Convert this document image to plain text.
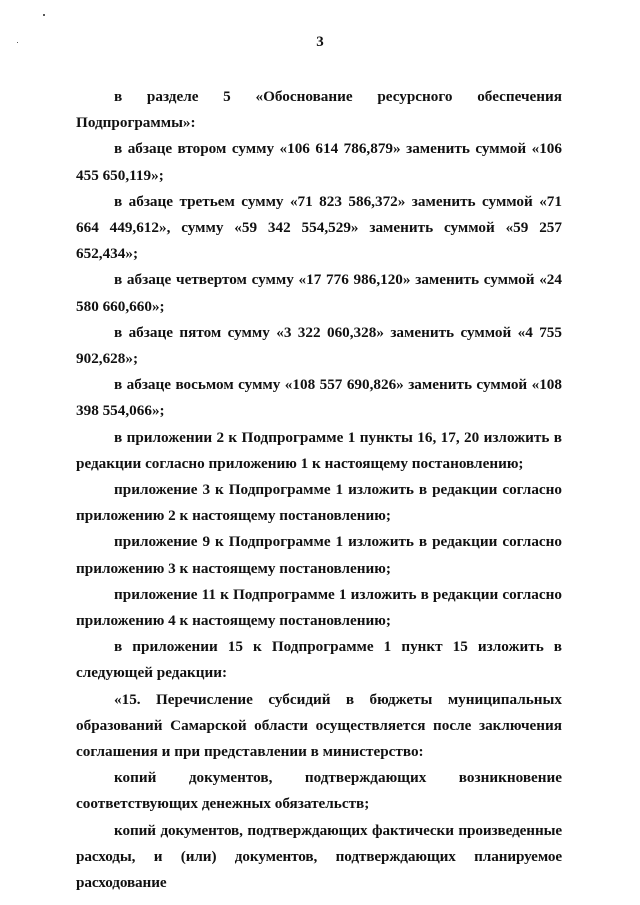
3

в разделе 5 «Обоснование ресурсного обеспечения Подпрограммы»:

в абзаце втором сумму «106 614 786,879» заменить суммой «106 455 650,119»;

в абзаце третьем сумму «71 823 586,372» заменить суммой «71 664 449,612», сумму «59 342 554,529» заменить суммой «59 257 652,434»;

в абзаце четвертом сумму «17 776 986,120» заменить суммой «24 580 660,660»;

в абзаце пятом сумму «3 322 060,328» заменить суммой «4 755 902,628»;

в абзаце восьмом сумму «108 557 690,826» заменить суммой «108 398 554,066»;

в приложении 2 к Подпрограмме 1 пункты 16, 17, 20 изложить в редакции согласно приложению 1 к настоящему постановлению;

приложение 3 к Подпрограмме 1 изложить в редакции согласно приложению 2 к настоящему постановлению;

приложение 9 к Подпрограмме 1 изложить в редакции согласно приложению 3 к настоящему постановлению;

приложение 11 к Подпрограмме 1 изложить в редакции согласно приложению 4 к настоящему постановлению;

в приложении 15 к Подпрограмме 1 пункт 15 изложить в следующей редакции:

«15. Перечисление субсидий в бюджеты муниципальных образований Самарской области осуществляется после заключения соглашения и при представлении в министерство:

копий документов, подтверждающих возникновение соответствующих денежных обязательств;

копий документов, подтверждающих фактически произведенные расходы, и (или) документов, подтверждающих планируемое расходование
